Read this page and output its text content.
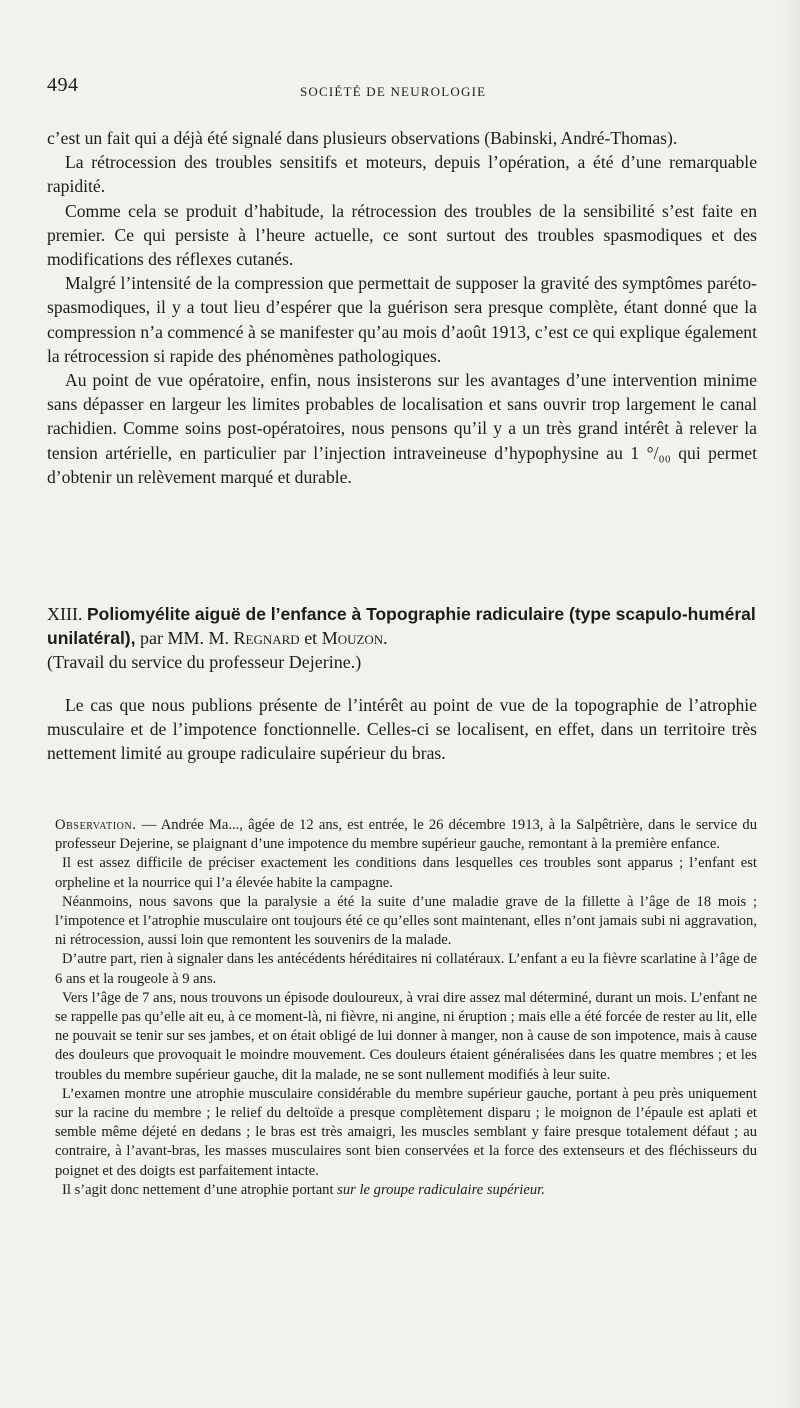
494	SOCIÉTÉ DE NEUROLOGIE

c’est un fait qui a déjà été signalé dans plusieurs observations (Babinski, André-Thomas).

La rétrocession des troubles sensitifs et moteurs, depuis l’opération, a été d’une remarquable rapidité.

Comme cela se produit d’habitude, la rétrocession des troubles de la sensibilité s’est faite en premier. Ce qui persiste à l’heure actuelle, ce sont surtout des troubles spasmodiques et des modifications des réflexes cutanés.

Malgré l’intensité de la compression que permettait de supposer la gravité des symptômes paréto-spasmodiques, il y a tout lieu d’espérer que la guérison sera presque complète, étant donné que la compression n’a commencé à se manifester qu’au mois d’août 1913, c’est ce qui explique également la rétrocession si rapide des phénomènes pathologiques.

Au point de vue opératoire, enfin, nous insisterons sur les avantages d’une intervention minime sans dépasser en largeur les limites probables de localisation et sans ouvrir trop largement le canal rachidien. Comme soins post-opératoires, nous pensons qu’il y a un très grand intérêt à relever la tension artérielle, en particulier par l’injection intraveineuse d’hypophysine au 1 °/₀₀ qui permet d’obtenir un relèvement marqué et durable.

XIII. Poliomyélite aiguë de l’enfance à Topographie radiculaire (type scapulo-huméral unilatéral), par MM. M. Regnard et Mouzon.
(Travail du service du professeur Dejerine.)

Le cas que nous publions présente de l’intérêt au point de vue de la topographie de l’atrophie musculaire et de l’impotence fonctionnelle. Celles-ci se localisent, en effet, dans un territoire très nettement limité au groupe radiculaire supérieur du bras.

Observation. — Andrée Ma..., âgée de 12 ans, est entrée, le 26 décembre 1913, à la Salpêtrière, dans le service du professeur Dejerine, se plaignant d’une impotence du membre supérieur gauche, remontant à la première enfance.

Il est assez difficile de préciser exactement les conditions dans lesquelles ces troubles sont apparus ; l’enfant est orpheline et la nourrice qui l’a élevée habite la campagne.

Néanmoins, nous savons que la paralysie a été la suite d’une maladie grave de la fillette à l’âge de 18 mois ; l’impotence et l’atrophie musculaire ont toujours été ce qu’elles sont maintenant, elles n’ont jamais subi ni aggravation, ni rétrocession, aussi loin que remontent les souvenirs de la malade.

D’autre part, rien à signaler dans les antécédents héréditaires ni collatéraux. L’enfant a eu la fièvre scarlatine à l’âge de 6 ans et la rougeole à 9 ans.

Vers l’âge de 7 ans, nous trouvons un épisode douloureux, à vrai dire assez mal déterminé, durant un mois. L’enfant ne se rappelle pas qu’elle ait eu, à ce moment-là, ni fièvre, ni angine, ni éruption ; mais elle a été forcée de rester au lit, elle ne pouvait se tenir sur ses jambes, et on était obligé de lui donner à manger, non à cause de son impotence, mais à cause des douleurs que provoquait le moindre mouvement. Ces douleurs étaient généralisées dans les quatre membres ; et les troubles du membre supérieur gauche, dit la malade, ne se sont nullement modifiés à leur suite.

L’examen montre une atrophie musculaire considérable du membre supérieur gauche, portant à peu près uniquement sur la racine du membre ; le relief du deltoïde a presque complètement disparu ; le moignon de l’épaule est aplati et semble même déjeté en dedans ; le bras est très amaigri, les muscles semblant y faire presque totalement défaut ; au contraire, à l’avant-bras, les masses musculaires sont bien conservées et la force des extenseurs et des fléchisseurs du poignet et des doigts est parfaitement intacte.

Il s’agit donc nettement d’une atrophie portant sur le groupe radiculaire supérieur.
